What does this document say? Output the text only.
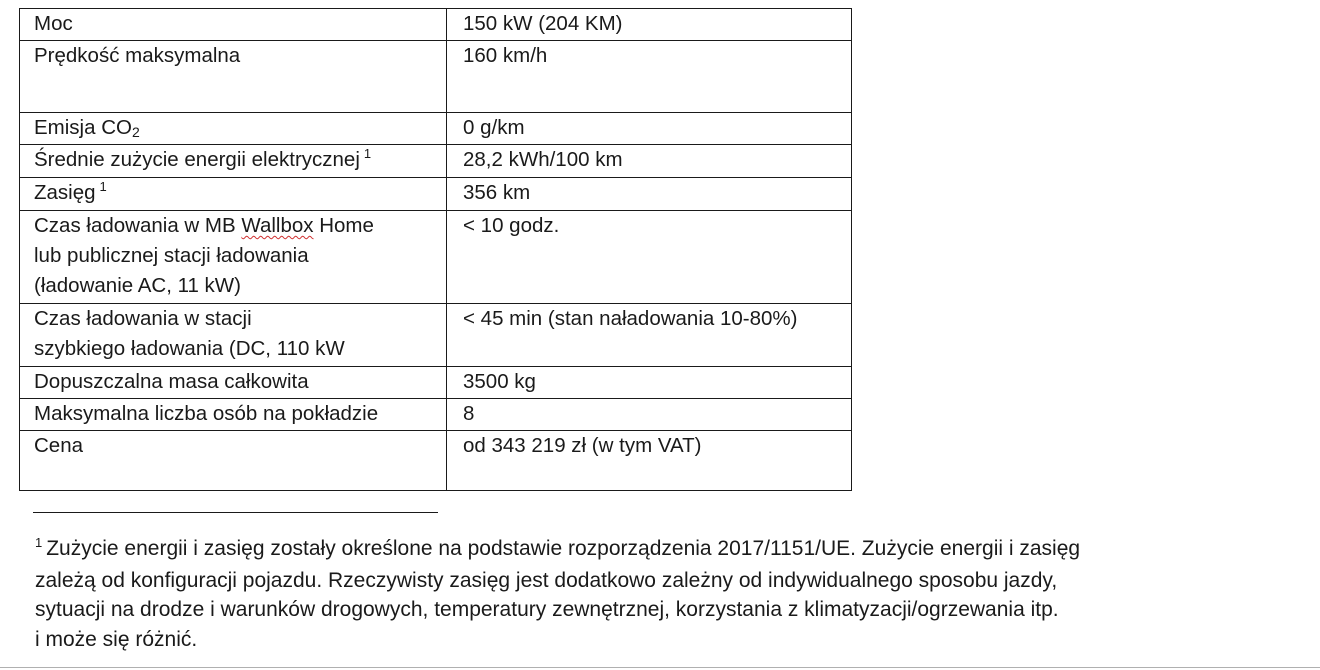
Moc	150 kW (204 KM)
Prędkość maksymalna	160 km/h
Emisja CO2	0 g/km
Średnie zużycie energii elektrycznej $^1$	28,2 kWh/100 km
Zasięg $^1$	356 km

Czas ładowania w MB Wallbox Home
lub publicznej stacji ładowania
(ładowanie AC, 11 kW)	< 10 godz.

Czas ładowania w stacji
szybkiego ładowania (DC, 110 kW	< 45 min (stan naładowania 10-80%)
Dopuszczalna masa całkowita	3500 kg
Maksymalna liczba osób na pokładzie	8
Cena	od 343 219 zł (w tym VAT)

$^1$ Zużycie energii i zasięg zostały określone na podstawie rozporządzenia 2017/1151/UE. Zużycie energii i zasięg
zależą od konfiguracji pojazdu. Rzeczywisty zasięg jest dodatkowo zależny od indywidualnego sposobu jazdy,
sytuacji na drodze i warunków drogowych, temperatury zewnętrznej, korzystania z klimatyzacji/ogrzewania itp.
i może się różnić.
